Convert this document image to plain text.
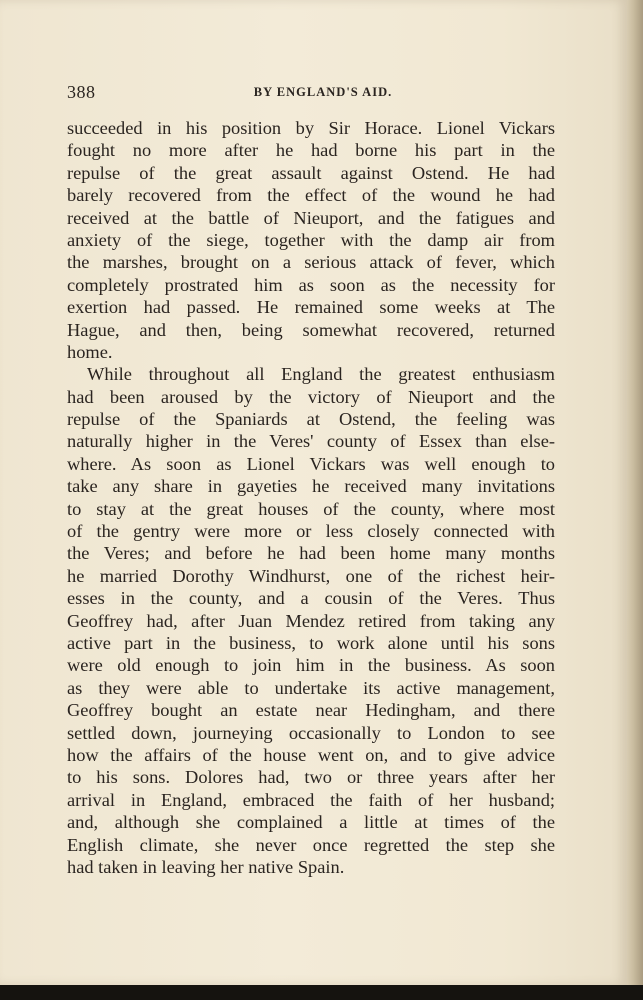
388	BY ENGLAND'S AID.
succeeded in his position by Sir Horace. Lionel Vickars
fought no more after he had borne his part in the
repulse of the great assault against Ostend. He had
barely recovered from the effect of the wound he had
received at the battle of Nieuport, and the fatigues and
anxiety of the siege, together with the damp air from
the marshes, brought on a serious attack of fever, which
completely prostrated him as soon as the necessity for
exertion had passed. He remained some weeks at The
Hague, and then, being somewhat recovered, returned
home.
While throughout all England the greatest enthusiasm
had been aroused by the victory of Nieuport and the
repulse of the Spaniards at Ostend, the feeling was
naturally higher in the Veres' county of Essex than else-
where. As soon as Lionel Vickars was well enough to
take any share in gayeties he received many invitations
to stay at the great houses of the county, where most
of the gentry were more or less closely connected with
the Veres; and before he had been home many months
he married Dorothy Windhurst, one of the richest heir-
esses in the county, and a cousin of the Veres. Thus
Geoffrey had, after Juan Mendez retired from taking any
active part in the business, to work alone until his sons
were old enough to join him in the business. As soon
as they were able to undertake its active management,
Geoffrey bought an estate near Hedingham, and there
settled down, journeying occasionally to London to see
how the affairs of the house went on, and to give advice
to his sons. Dolores had, two or three years after her
arrival in England, embraced the faith of her husband;
and, although she complained a little at times of the
English climate, she never once regretted the step she
had taken in leaving her native Spain.
